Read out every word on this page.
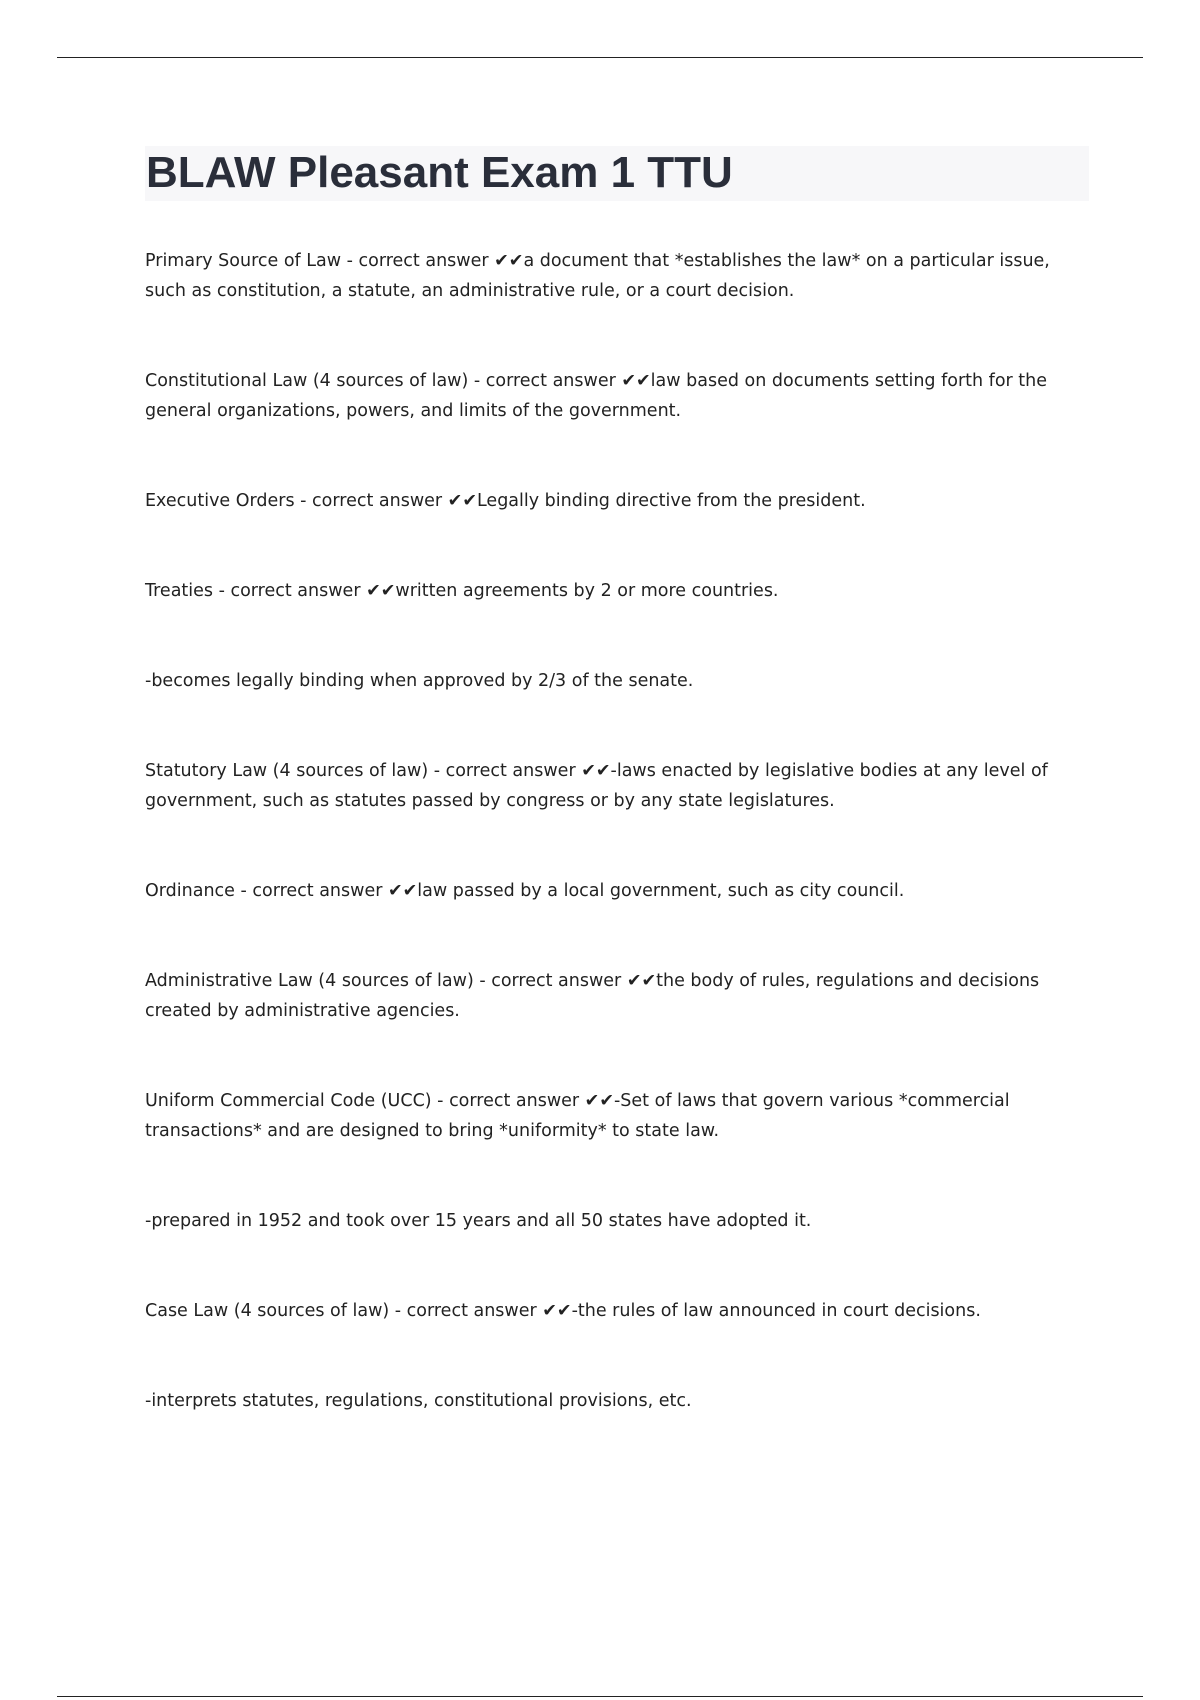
BLAW Pleasant Exam 1 TTU

Primary Source of Law - correct answer ✔✔a document that *establishes the law* on a particular issue, such as constitution, a statute, an administrative rule, or a court decision.

Constitutional Law (4 sources of law) - correct answer ✔✔law based on documents setting forth for the general organizations, powers, and limits of the government.

Executive Orders - correct answer ✔✔Legally binding directive from the president.

Treaties - correct answer ✔✔written agreements by 2 or more countries.

-becomes legally binding when approved by 2/3 of the senate.

Statutory Law (4 sources of law) - correct answer ✔✔-laws enacted by legislative bodies at any level of government, such as statutes passed by congress or by any state legislatures.

Ordinance - correct answer ✔✔law passed by a local government, such as city council.

Administrative Law (4 sources of law) - correct answer ✔✔the body of rules, regulations and decisions created by administrative agencies.

Uniform Commercial Code (UCC) - correct answer ✔✔-Set of laws that govern various *commercial transactions* and are designed to bring *uniformity* to state law.

-prepared in 1952 and took over 15 years and all 50 states have adopted it.

Case Law (4 sources of law) - correct answer ✔✔-the rules of law announced in court decisions.

-interprets statutes, regulations, constitutional provisions, etc.
